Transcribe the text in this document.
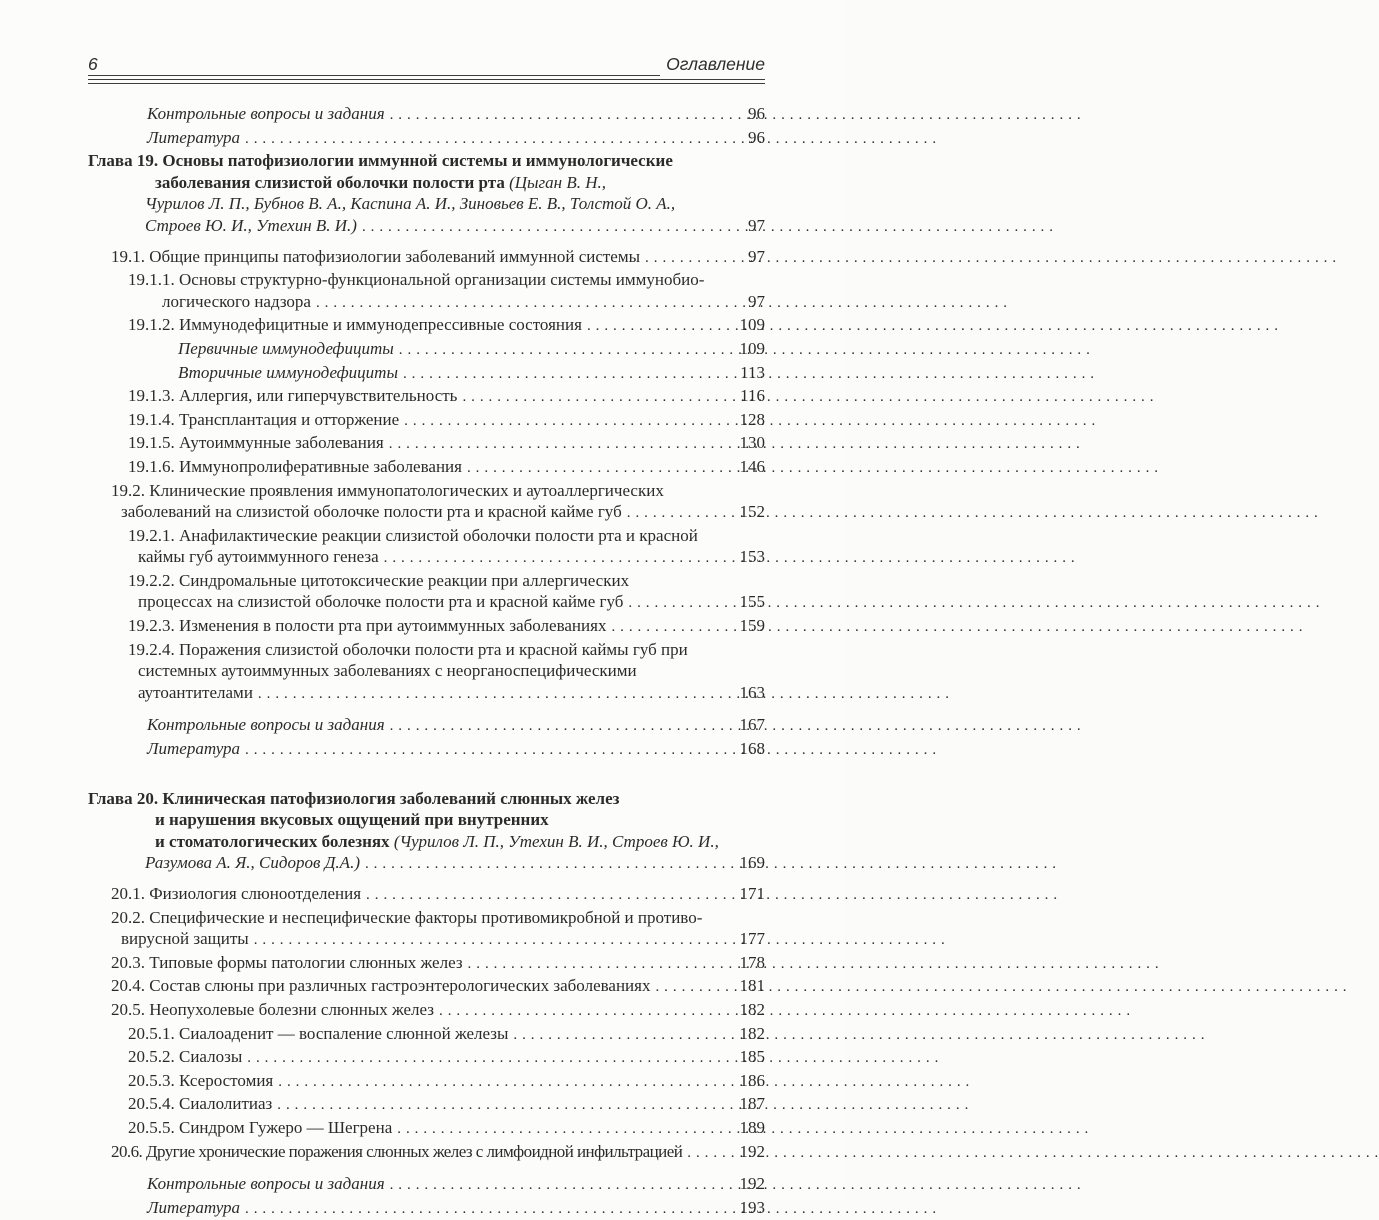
6	Оглавление
Контрольные вопросы и задания . . .	96
Литература . . .	96
Глава 19. Основы патофизиологии иммунной системы и иммунологические
заболевания слизистой оболочки полости рта (Цыган В. Н.,
Чурилов Л. П., Бубнов В. А., Каспина А. И., Зиновьев Е. В., Толстой О. А.,
Строев Ю. И., Утехин В. И.) . . .	97
19.1. Общие принципы патофизиологии заболеваний иммунной системы . . .	97
19.1.1. Основы структурно-функциональной организации системы иммунобио-
логического надзора . . .	97
19.1.2. Иммунодефицитные и иммунодепрессивные состояния . . .	109
Первичные иммунодефициты . . .	109
Вторичные иммунодефициты . . .	113
19.1.3. Аллергия, или гиперчувствительность . . .	116
19.1.4. Трансплантация и отторжение . . .	128
19.1.5. Аутоиммунные заболевания . . .	130
19.1.6. Иммунопролиферативные заболевания . . .	146
19.2. Клинические проявления иммунопатологических и аутоаллергических
заболеваний на слизистой оболочке полости рта и красной кайме губ . . .	152
19.2.1. Анафилактические реакции слизистой оболочки полости рта и красной
каймы губ аутоиммунного генеза . . .	153
19.2.2. Синдромальные цитотоксические реакции при аллергических
процессах на слизистой оболочке полости рта и красной кайме губ . . .	155
19.2.3. Изменения в полости рта при аутоиммунных заболеваниях . . .	159
19.2.4. Поражения слизистой оболочки полости рта и красной каймы губ при
системных аутоиммунных заболеваниях с неорганоспецифическими
аутоантителами . . .	163
Контрольные вопросы и задания . . .	167
Литература . . .	168
Глава 20. Клиническая патофизиология заболеваний слюнных желез
и нарушения вкусовых ощущений при внутренних
и стоматологических болезнях (Чурилов Л. П., Утехин В. И., Строев Ю. И.,
Разумова А. Я., Сидоров Д.А.) . . .	169
20.1. Физиология слюноотделения . . .	171
20.2. Специфические и неспецифические факторы противомикробной и противо-
вирусной защиты . . .	177
20.3. Типовые формы патологии слюнных желез . . .	178
20.4. Состав слюны при различных гастроэнтерологических заболеваниях . . .	181
20.5. Неопухолевые болезни слюнных желез . . .	182
20.5.1. Сиалоаденит — воспаление слюнной железы . . .	182
20.5.2. Сиалозы . . .	185
20.5.3. Ксеростомия . . .	186
20.5.4. Сиалолитиаз . . .	187
20.5.5. Синдром Гужеро — Шегрена . . .	189
20.6. Другие хронические поражения слюнных желез с лимфоидной инфильтрацией . . .	192
Контрольные вопросы и задания . . .	192
Литература . . .	193
